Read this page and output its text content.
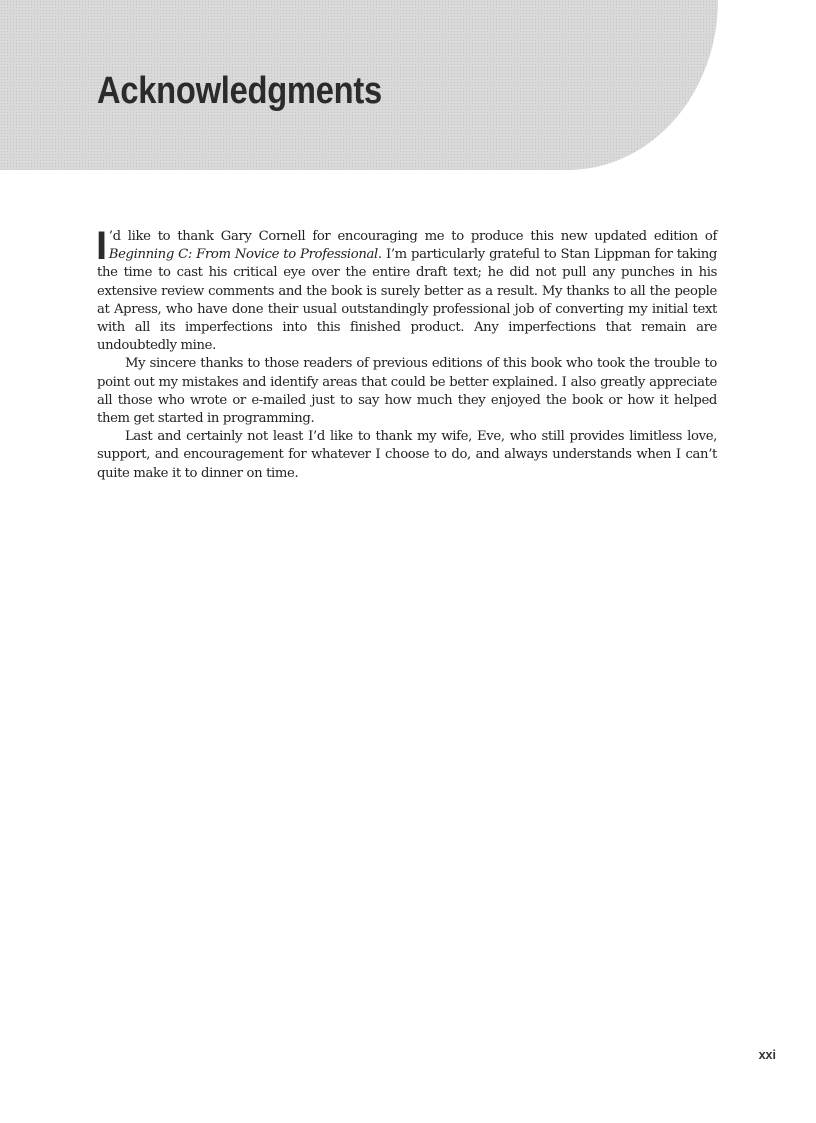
Acknowledgments

I ’d like to thank Gary Cornell for encouraging me to produce this new updated edition of Beginning C: From Novice to Professional. I’m particularly grateful to Stan Lippman for taking the time to cast his critical eye over the entire draft text; he did not pull any punches in his extensive review comments and the book is surely better as a result. My thanks to all the people at Apress, who have done their usual outstandingly professional job of converting my initial text with all its imperfections into this finished product. Any imperfections that remain are undoubtedly mine.

My sincere thanks to those readers of previous editions of this book who took the trouble to point out my mistakes and identify areas that could be better explained. I also greatly appreciate all those who wrote or e-mailed just to say how much they enjoyed the book or how it helped them get started in programming.

Last and certainly not least I’d like to thank my wife, Eve, who still provides limitless love, support, and encouragement for whatever I choose to do, and always understands when I can’t quite make it to dinner on time.

xxi
